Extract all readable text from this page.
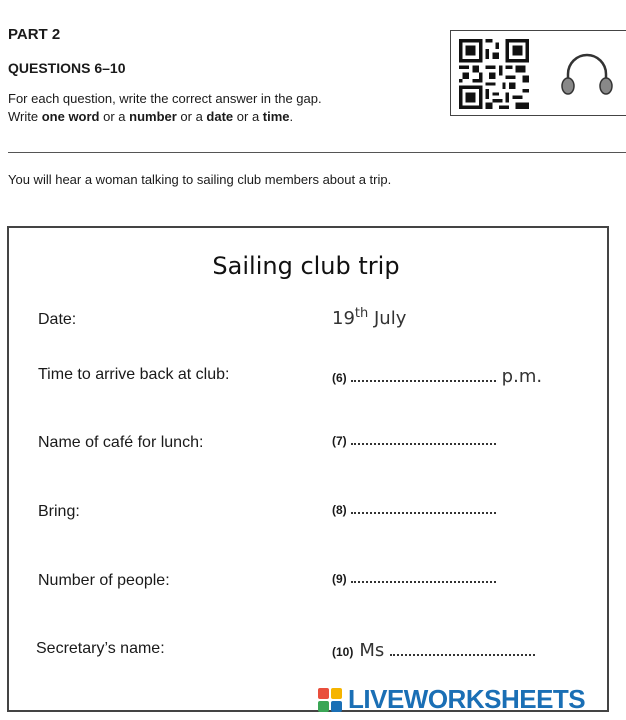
PART 2
QUESTIONS 6–10
For each question, write the correct answer in the gap.
Write one word or a number or a date or a time.
You will hear a woman talking to sailing club members about a trip.
Sailing club trip
Date:	19th July
Time to arrive back at club:	(6)	p.m.
Name of café for lunch:	(7)
Bring:	(8)
Number of people:	(9)
Secretary’s name:	(10) Ms
LIVEWORKSHEETS
